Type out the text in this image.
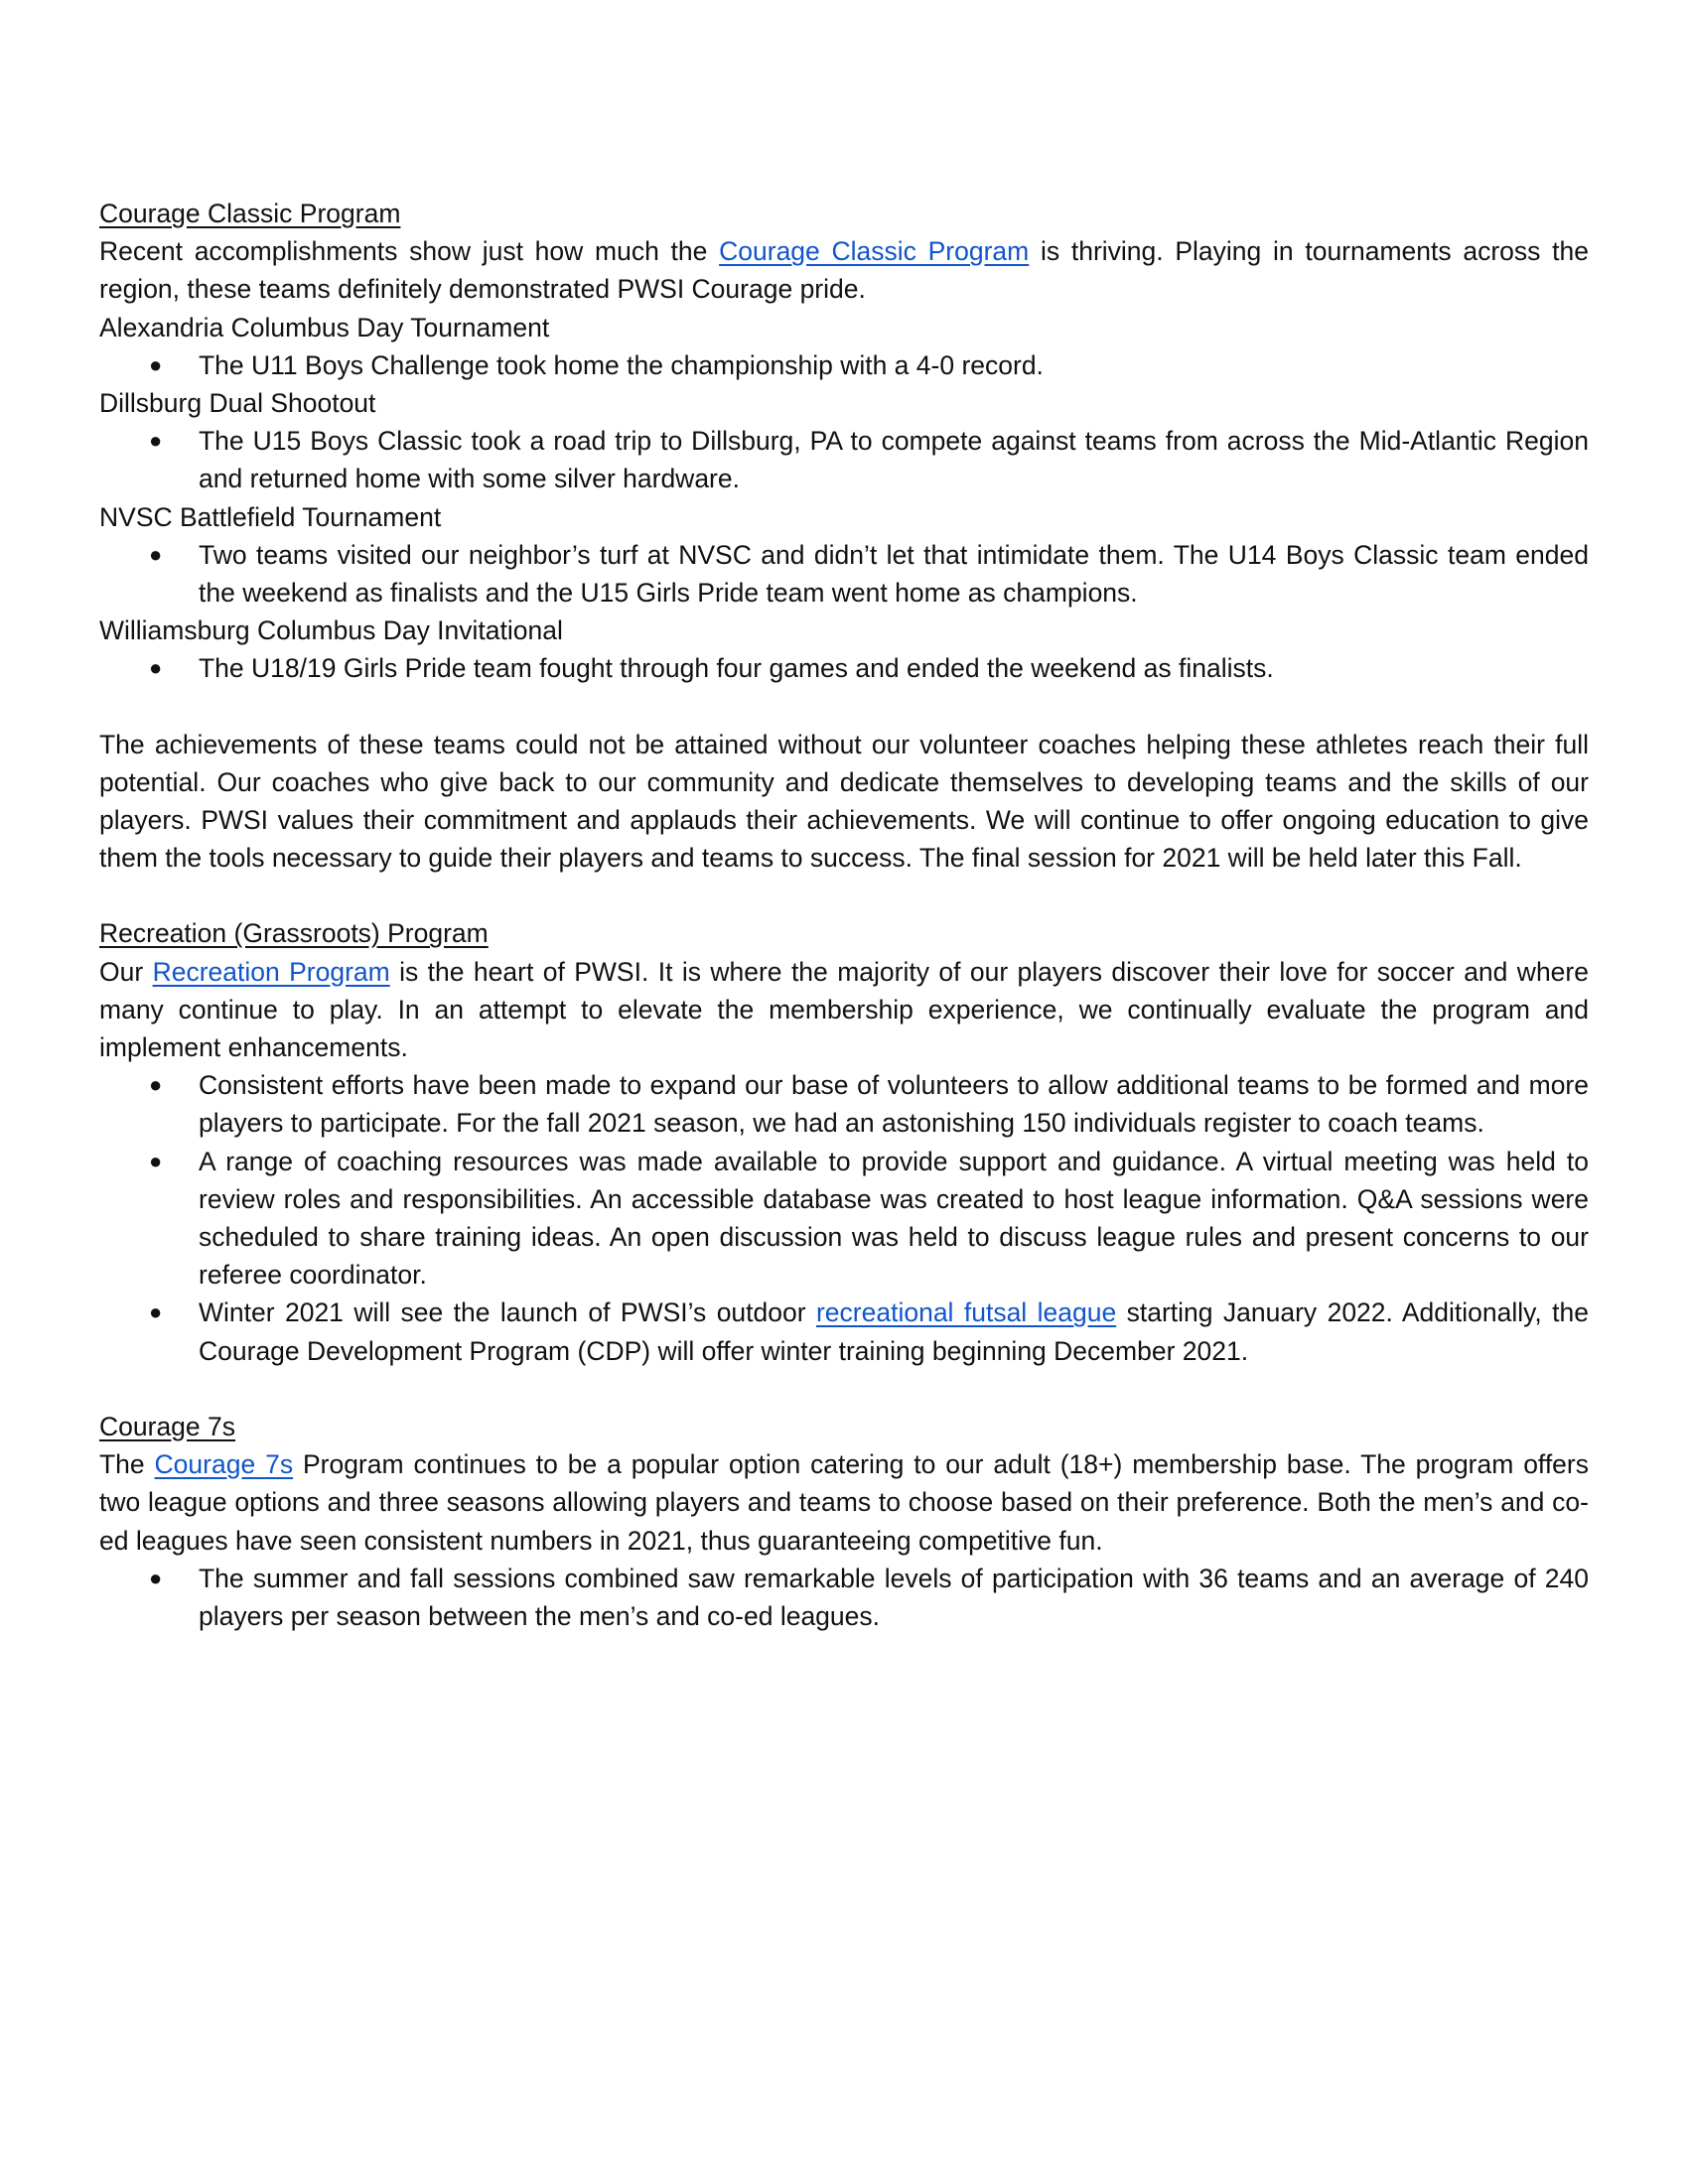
Courage Classic Program

Recent accomplishments show just how much the Courage Classic Program is thriving. Playing in tournaments across the region, these teams definitely demonstrated PWSI Courage pride.

Alexandria Columbus Day Tournament

● The U11 Boys Challenge took home the championship with a 4-0 record.

Dillsburg Dual Shootout

● The U15 Boys Classic took a road trip to Dillsburg, PA to compete against teams from across the Mid-Atlantic Region and returned home with some silver hardware.

NVSC Battlefield Tournament

● Two teams visited our neighbor’s turf at NVSC and didn’t let that intimidate them. The U14 Boys Classic team ended the weekend as finalists and the U15 Girls Pride team went home as champions.

Williamsburg Columbus Day Invitational

● The U18/19 Girls Pride team fought through four games and ended the weekend as finalists.

The achievements of these teams could not be attained without our volunteer coaches helping these athletes reach their full potential. Our coaches who give back to our community and dedicate themselves to developing teams and the skills of our players. PWSI values their commitment and applauds their achievements. We will continue to offer ongoing education to give them the tools necessary to guide their players and teams to success. The final session for 2021 will be held later this Fall.

Recreation (Grassroots) Program

Our Recreation Program is the heart of PWSI. It is where the majority of our players discover their love for soccer and where many continue to play. In an attempt to elevate the membership experience, we continually evaluate the program and implement enhancements.

● Consistent efforts have been made to expand our base of volunteers to allow additional teams to be formed and more players to participate. For the fall 2021 season, we had an astonishing 150 individuals register to coach teams.
● A range of coaching resources was made available to provide support and guidance. A virtual meeting was held to review roles and responsibilities. An accessible database was created to host league information. Q&A sessions were scheduled to share training ideas. An open discussion was held to discuss league rules and present concerns to our referee coordinator.
● Winter 2021 will see the launch of PWSI’s outdoor recreational futsal league starting January 2022. Additionally, the Courage Development Program (CDP) will offer winter training beginning December 2021.

Courage 7s

The Courage 7s Program continues to be a popular option catering to our adult (18+) membership base. The program offers two league options and three seasons allowing players and teams to choose based on their preference. Both the men’s and co-ed leagues have seen consistent numbers in 2021, thus guaranteeing competitive fun.

● The summer and fall sessions combined saw remarkable levels of participation with 36 teams and an average of 240 players per season between the men’s and co-ed leagues.
